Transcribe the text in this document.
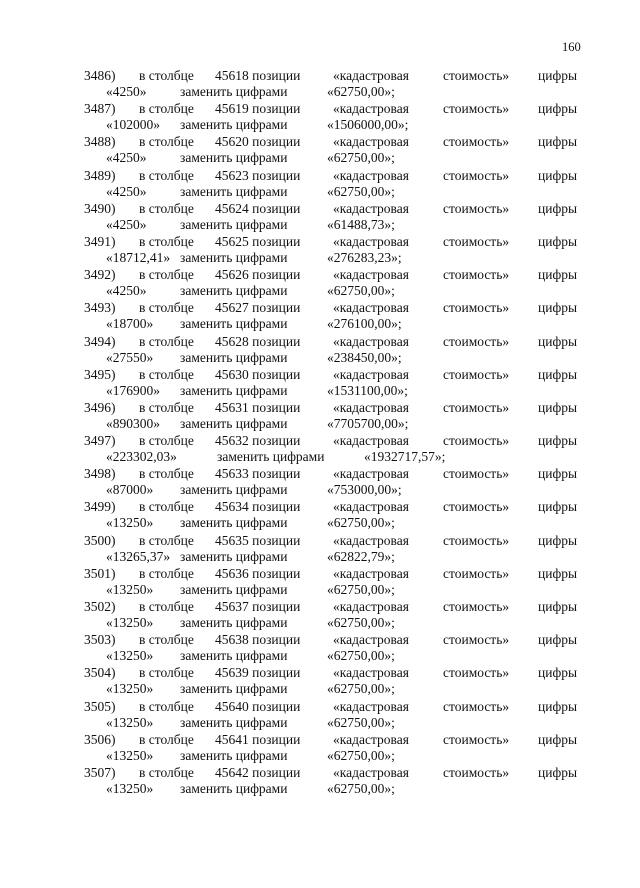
160
3486) в столбце 45618 позиции «кадастровая	стоимость» цифры
«4250» заменить цифрами	«62750,00»;
3487) в столбце 45619 позиции «кадастровая	стоимость» цифры
«102000» заменить цифрами	«1506000,00»;
3488) в столбце 45620 позиции «кадастровая	стоимость» цифры
«4250» заменить цифрами	«62750,00»;
3489) в столбце 45623 позиции «кадастровая	стоимость» цифры
«4250» заменить цифрами	«62750,00»;
3490) в столбце 45624 позиции «кадастровая	стоимость» цифры
«4250» заменить цифрами	«61488,73»;
3491) в столбце 45625 позиции «кадастровая	стоимость» цифры
«18712,41» заменить цифрами	«276283,23»;
3492) в столбце 45626 позиции «кадастровая	стоимость» цифры
«4250» заменить цифрами	«62750,00»;
3493) в столбце 45627 позиции «кадастровая	стоимость» цифры
«18700» заменить цифрами	«276100,00»;
3494) в столбце 45628 позиции «кадастровая	стоимость» цифры
«27550» заменить цифрами	«238450,00»;
3495) в столбце 45630 позиции «кадастровая	стоимость» цифры
«176900» заменить цифрами	«1531100,00»;
3496) в столбце 45631 позиции «кадастровая	стоимость» цифры
«890300» заменить цифрами	«7705700,00»;
3497) в столбце 45632 позиции «кадастровая	стоимость» цифры
«223302,03»	заменить цифрами	«1932717,57»;
3498) в столбце 45633 позиции «кадастровая	стоимость» цифры
«87000» заменить цифрами	«753000,00»;
3499) в столбце 45634 позиции «кадастровая	стоимость» цифры
«13250» заменить цифрами	«62750,00»;
3500) в столбце 45635 позиции «кадастровая	стоимость» цифры
«13265,37» заменить цифрами	«62822,79»;
3501) в столбце 45636 позиции «кадастровая	стоимость» цифры
«13250» заменить цифрами	«62750,00»;
3502) в столбце 45637 позиции «кадастровая	стоимость» цифры
«13250» заменить цифрами	«62750,00»;
3503) в столбце 45638 позиции «кадастровая	стоимость» цифры
«13250» заменить цифрами	«62750,00»;
3504) в столбце 45639 позиции «кадастровая	стоимость» цифры
«13250» заменить цифрами	«62750,00»;
3505) в столбце 45640 позиции «кадастровая	стоимость» цифры
«13250» заменить цифрами	«62750,00»;
3506) в столбце 45641 позиции «кадастровая	стоимость» цифры
«13250» заменить цифрами	«62750,00»;
3507) в столбце 45642 позиции «кадастровая	стоимость» цифры
«13250» заменить цифрами	«62750,00»;
